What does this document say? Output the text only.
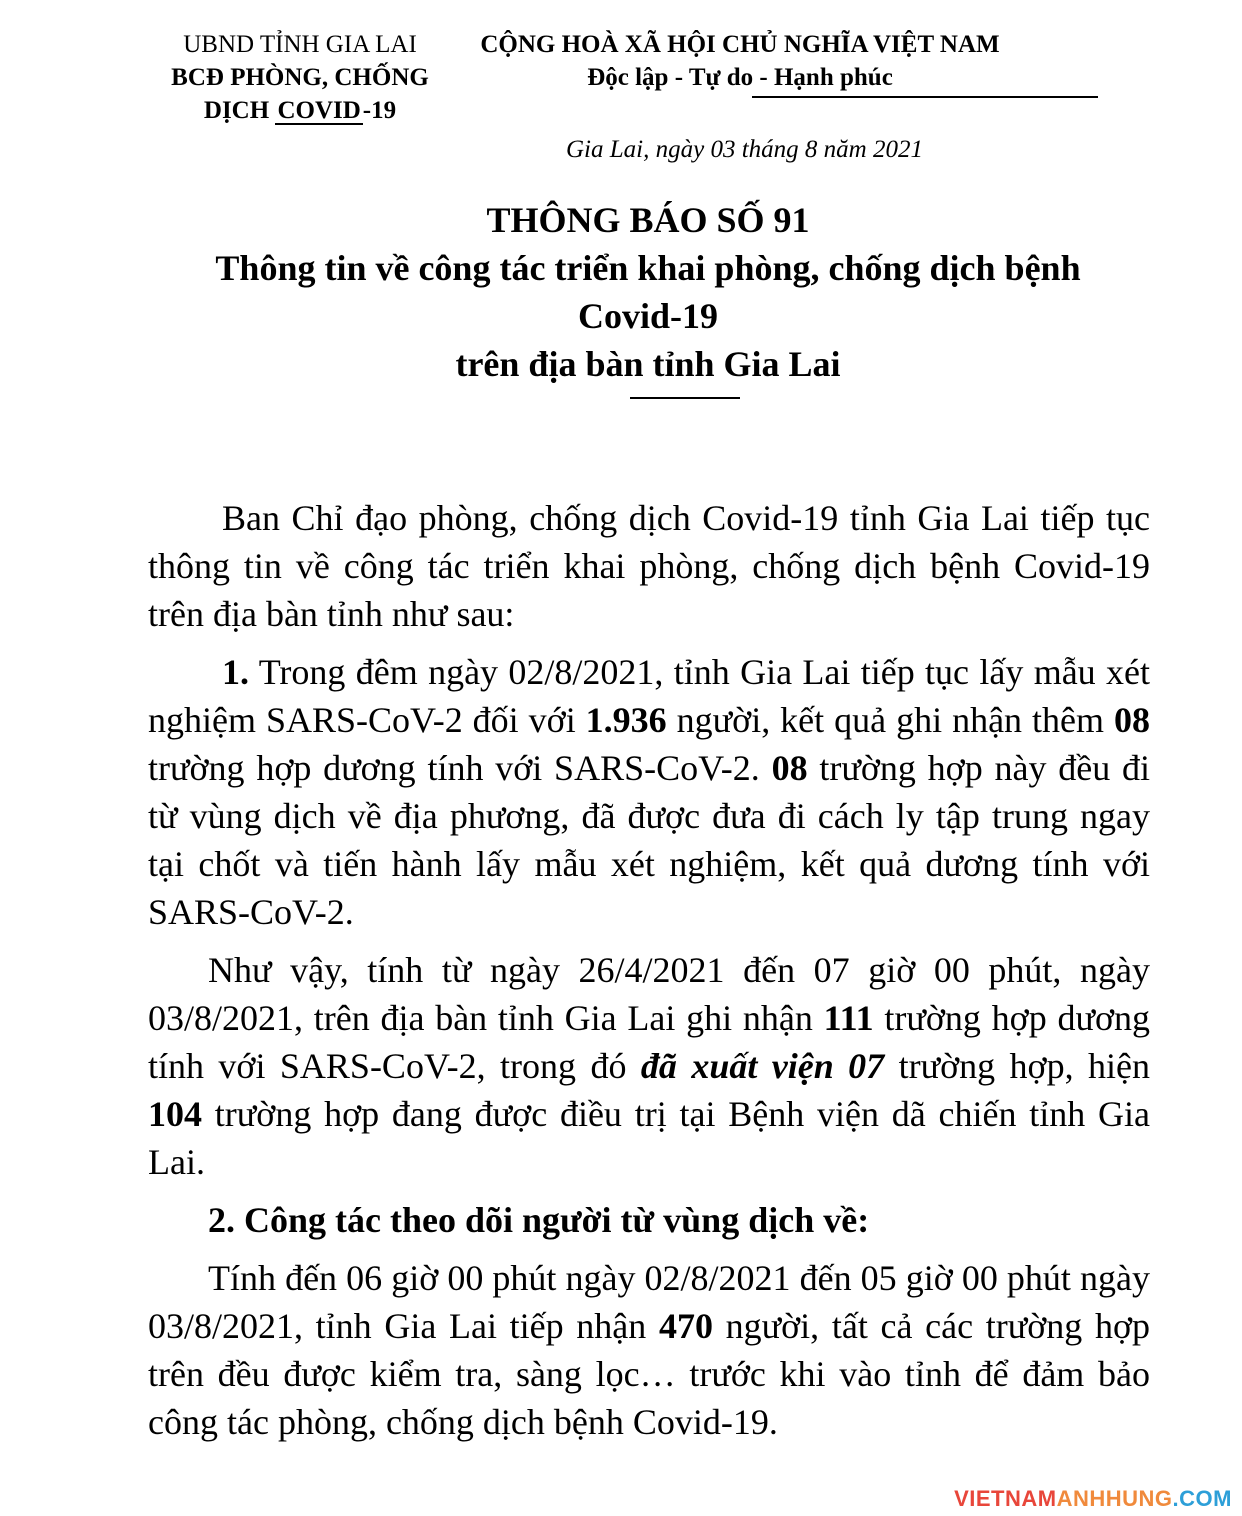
UBND TỈNH GIA LAI
BCĐ PHÒNG, CHỐNG
DỊCH COVID-19
CỘNG HOÀ XÃ HỘI CHỦ NGHĨA VIỆT NAM
Độc lập - Tự do - Hạnh phúc
Gia Lai, ngày 03 tháng 8 năm 2021
THÔNG BÁO SỐ 91
Thông tin về công tác triển khai phòng, chống dịch bệnh
Covid-19
trên địa bàn tỉnh Gia Lai

Ban Chỉ đạo phòng, chống dịch Covid-19 tỉnh Gia Lai tiếp tục thông tin về công tác triển khai phòng, chống dịch bệnh Covid-19 trên địa bàn tỉnh như sau:

1. Trong đêm ngày 02/8/2021, tỉnh Gia Lai tiếp tục lấy mẫu xét nghiệm SARS-CoV-2 đối với 1.936 người, kết quả ghi nhận thêm 08 trường hợp dương tính với SARS-CoV-2. 08 trường hợp này đều đi từ vùng dịch về địa phương, đã được đưa đi cách ly tập trung ngay tại chốt và tiến hành lấy mẫu xét nghiệm, kết quả dương tính với SARS-CoV-2.

Như vậy, tính từ ngày 26/4/2021 đến 07 giờ 00 phút, ngày 03/8/2021, trên địa bàn tỉnh Gia Lai ghi nhận 111 trường hợp dương tính với SARS-CoV-2, trong đó đã xuất viện 07 trường hợp, hiện 104 trường hợp đang được điều trị tại Bệnh viện dã chiến tỉnh Gia Lai.

2. Công tác theo dõi người từ vùng dịch về:

Tính đến 06 giờ 00 phút ngày 02/8/2021 đến 05 giờ 00 phút ngày 03/8/2021, tỉnh Gia Lai tiếp nhận 470 người, tất cả các trường hợp trên đều được kiểm tra, sàng lọc… trước khi vào tỉnh để đảm bảo công tác phòng, chống dịch bệnh Covid-19.

VIETNAMANHHUNG.COM
